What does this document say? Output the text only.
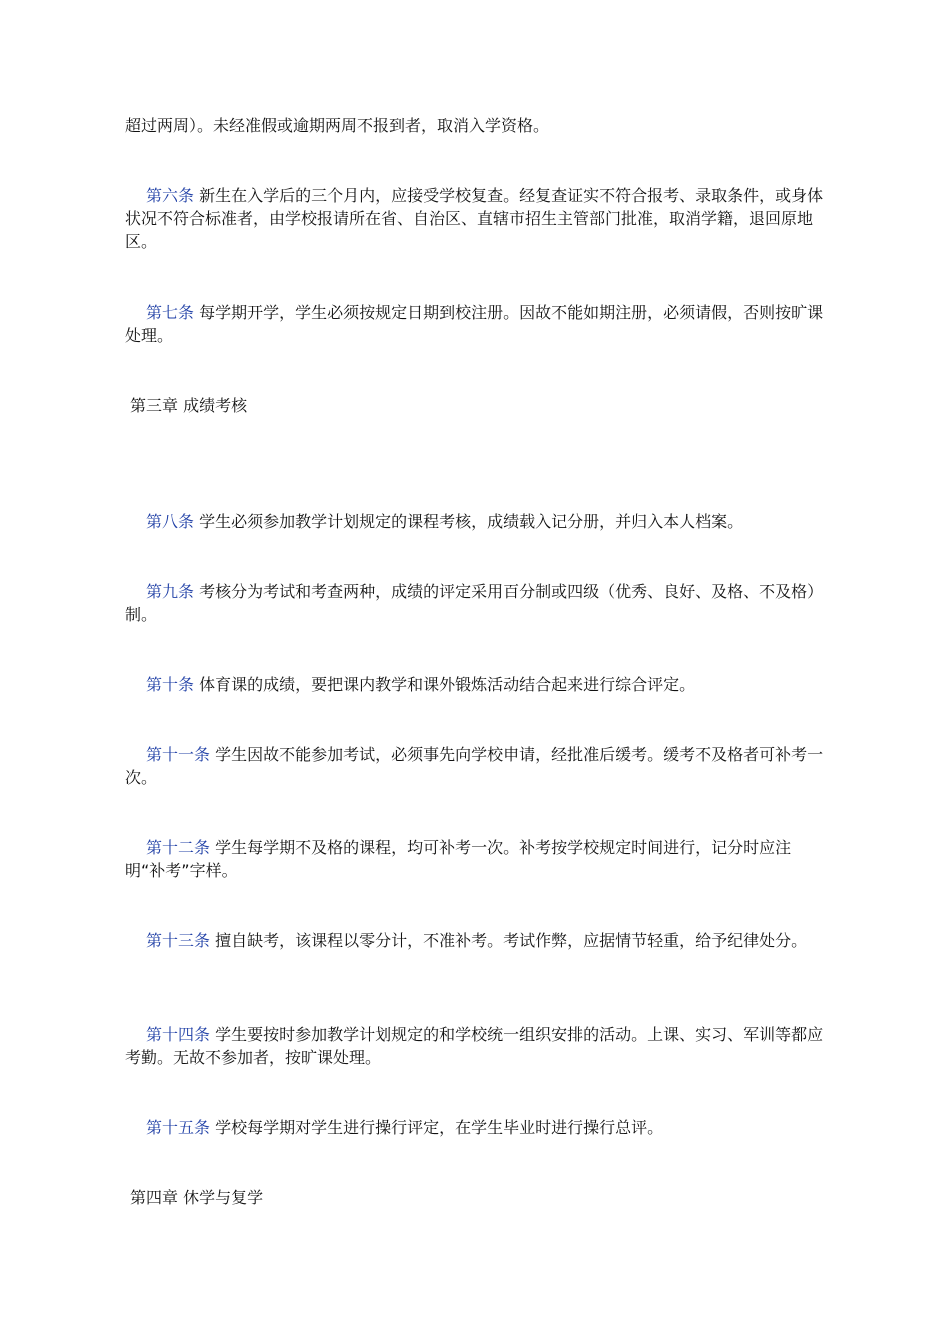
超过两周）。未经准假或逾期两周不报到者，取消入学资格。

第六条 新生在入学后的三个月内，应接受学校复查。经复查证实不符合报考、录取条件，或身体状况不符合标准者，由学校报请所在省、自治区、直辖市招生主管部门批准，取消学籍，退回原地区。

第七条 每学期开学，学生必须按规定日期到校注册。因故不能如期注册，必须请假，否则按旷课处理。

第三章 成绩考核

第八条 学生必须参加教学计划规定的课程考核，成绩载入记分册，并归入本人档案。

第九条 考核分为考试和考查两种，成绩的评定采用百分制或四级（优秀、良好、及格、不及格）制。

第十条 体育课的成绩，要把课内教学和课外锻炼活动结合起来进行综合评定。

第十一条 学生因故不能参加考试，必须事先向学校申请，经批准后缓考。缓考不及格者可补考一次。

第十二条 学生每学期不及格的课程，均可补考一次。补考按学校规定时间进行，记分时应注明“补考”字样。

第十三条 擅自缺考，该课程以零分计，不准补考。考试作弊，应据情节轻重，给予纪律处分。

第十四条 学生要按时参加教学计划规定的和学校统一组织安排的活动。上课、实习、军训等都应考勤。无故不参加者，按旷课处理。

第十五条 学校每学期对学生进行操行评定，在学生毕业时进行操行总评。

第四章 休学与复学
